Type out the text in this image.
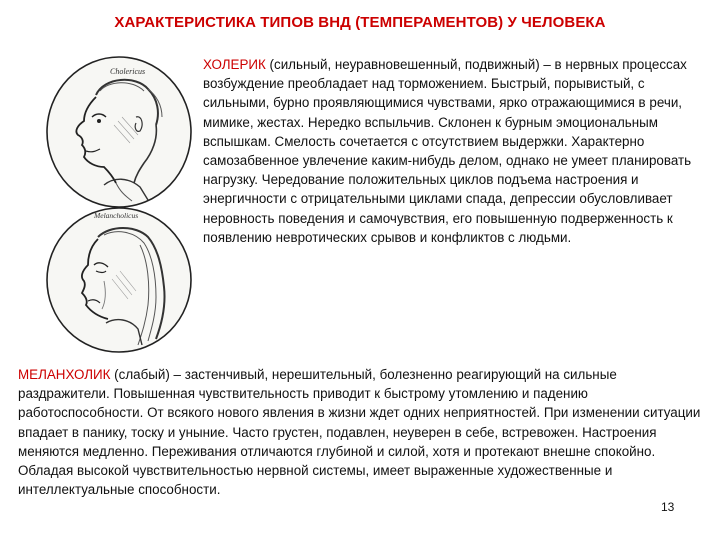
ХАРАКТЕРИСТИКА ТИПОВ ВНД (ТЕМПЕРАМЕНТОВ) У ЧЕЛОВЕКА
Cholericus
Melancholicus
ХОЛЕРИК (сильный, неуравновешенный, подвижный) – в нервных процессах возбуждение преобладает над торможением. Быстрый, порывистый, с сильными, бурно проявляющимися чувствами, ярко отражающимися в речи, мимике, жестах. Нередко вспыльчив. Склонен к бурным эмоциональным вспышкам. Смелость сочетается с отсутствием выдержки. Характерно самозабвенное увлечение каким-нибудь делом, однако не умеет планировать нагрузку. Чередование положительных циклов подъема настроения и энергичности с отрицательными циклами спада, депрессии обусловливает неровность поведения и самочувствия, его повышенную подверженность к появлению невротических срывов и конфликтов с людьми.
МЕЛАНХОЛИК (слабый) – застенчивый, нерешительный, болезненно реагирующий на сильные раздражители. Повышенная чувствительность приводит к быстрому утомлению и падению работоспособности. От всякого нового явления в жизни ждет одних неприятностей. При изменении ситуации впадает в панику, тоску и уныние. Часто грустен, подавлен, неуверен в себе, встревожен. Настроения меняются медленно. Переживания отличаются глубиной и силой, хотя и протекают внешне спокойно. Обладая высокой чувствительностью нервной системы, имеет выраженные художественные и интеллектуальные способности.
13
